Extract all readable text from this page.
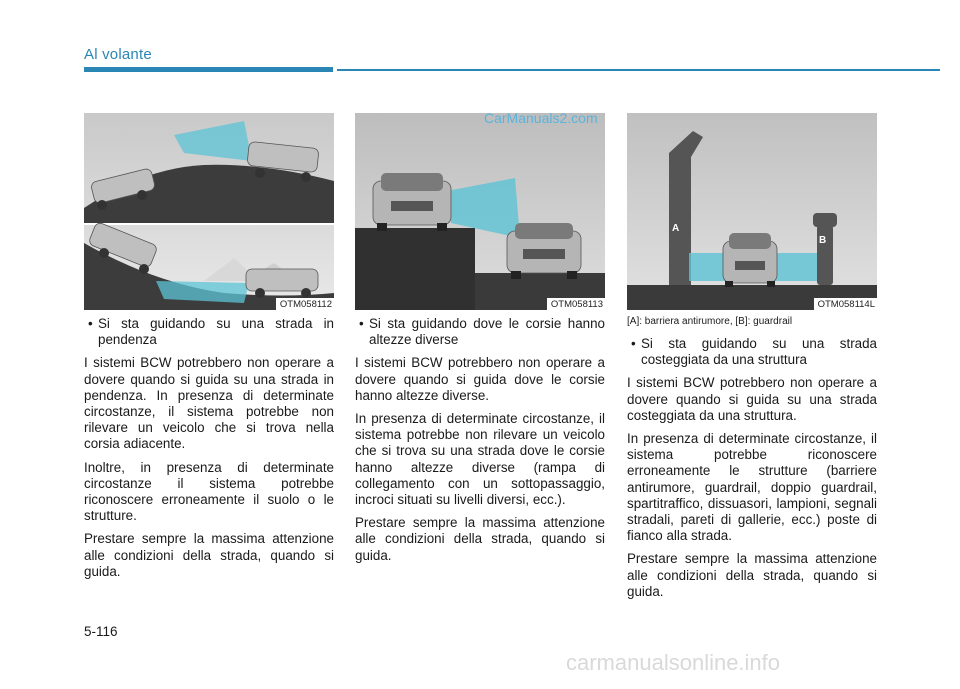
Al volante
OTM058112	OTM058113
A
B
OTM058114L
CarManuals2.com
• Si sta guidando su una strada in pendenza

I sistemi BCW potrebbero non operare a dovere quando si guida su una strada in pendenza. In presenza di determinate circostanze, il sistema potrebbe non rilevare un veicolo che si trova nella corsia adiacente.

Inoltre, in presenza di determinate circostanze il sistema potrebbe riconoscere erroneamente il suolo o le strutture.

Prestare sempre la massima attenzione alle condizioni della strada, quando si guida.

• Si sta guidando dove le corsie hanno altezze diverse

I sistemi BCW potrebbero non operare a dovere quando si guida dove le corsie hanno altezze diverse.

In presenza di determinate circostanze, il sistema potrebbe non rilevare un veicolo che si trova su una strada dove le corsie hanno altezze diverse (rampa di collegamento con un sottopassaggio, incroci situati su livelli diversi, ecc.).

Prestare sempre la massima attenzione alle condizioni della strada, quando si guida.

[A]: barriera antirumore, [B]: guardrail
• Si sta guidando su una strada costeggiata da una struttura

I sistemi BCW potrebbero non operare a dovere quando si guida su una strada costeggiata da una struttura.

In presenza di determinate circostanze, il sistema potrebbe riconoscere erroneamente le strutture (barriere antirumore, guardrail, doppio guardrail, spartitraffico, dissuasori, lampioni, segnali stradali, pareti di gallerie, ecc.) poste di fianco alla strada.

Prestare sempre la massima attenzione alle condizioni della strada, quando si guida.

5-116
carmanualsonline.info
